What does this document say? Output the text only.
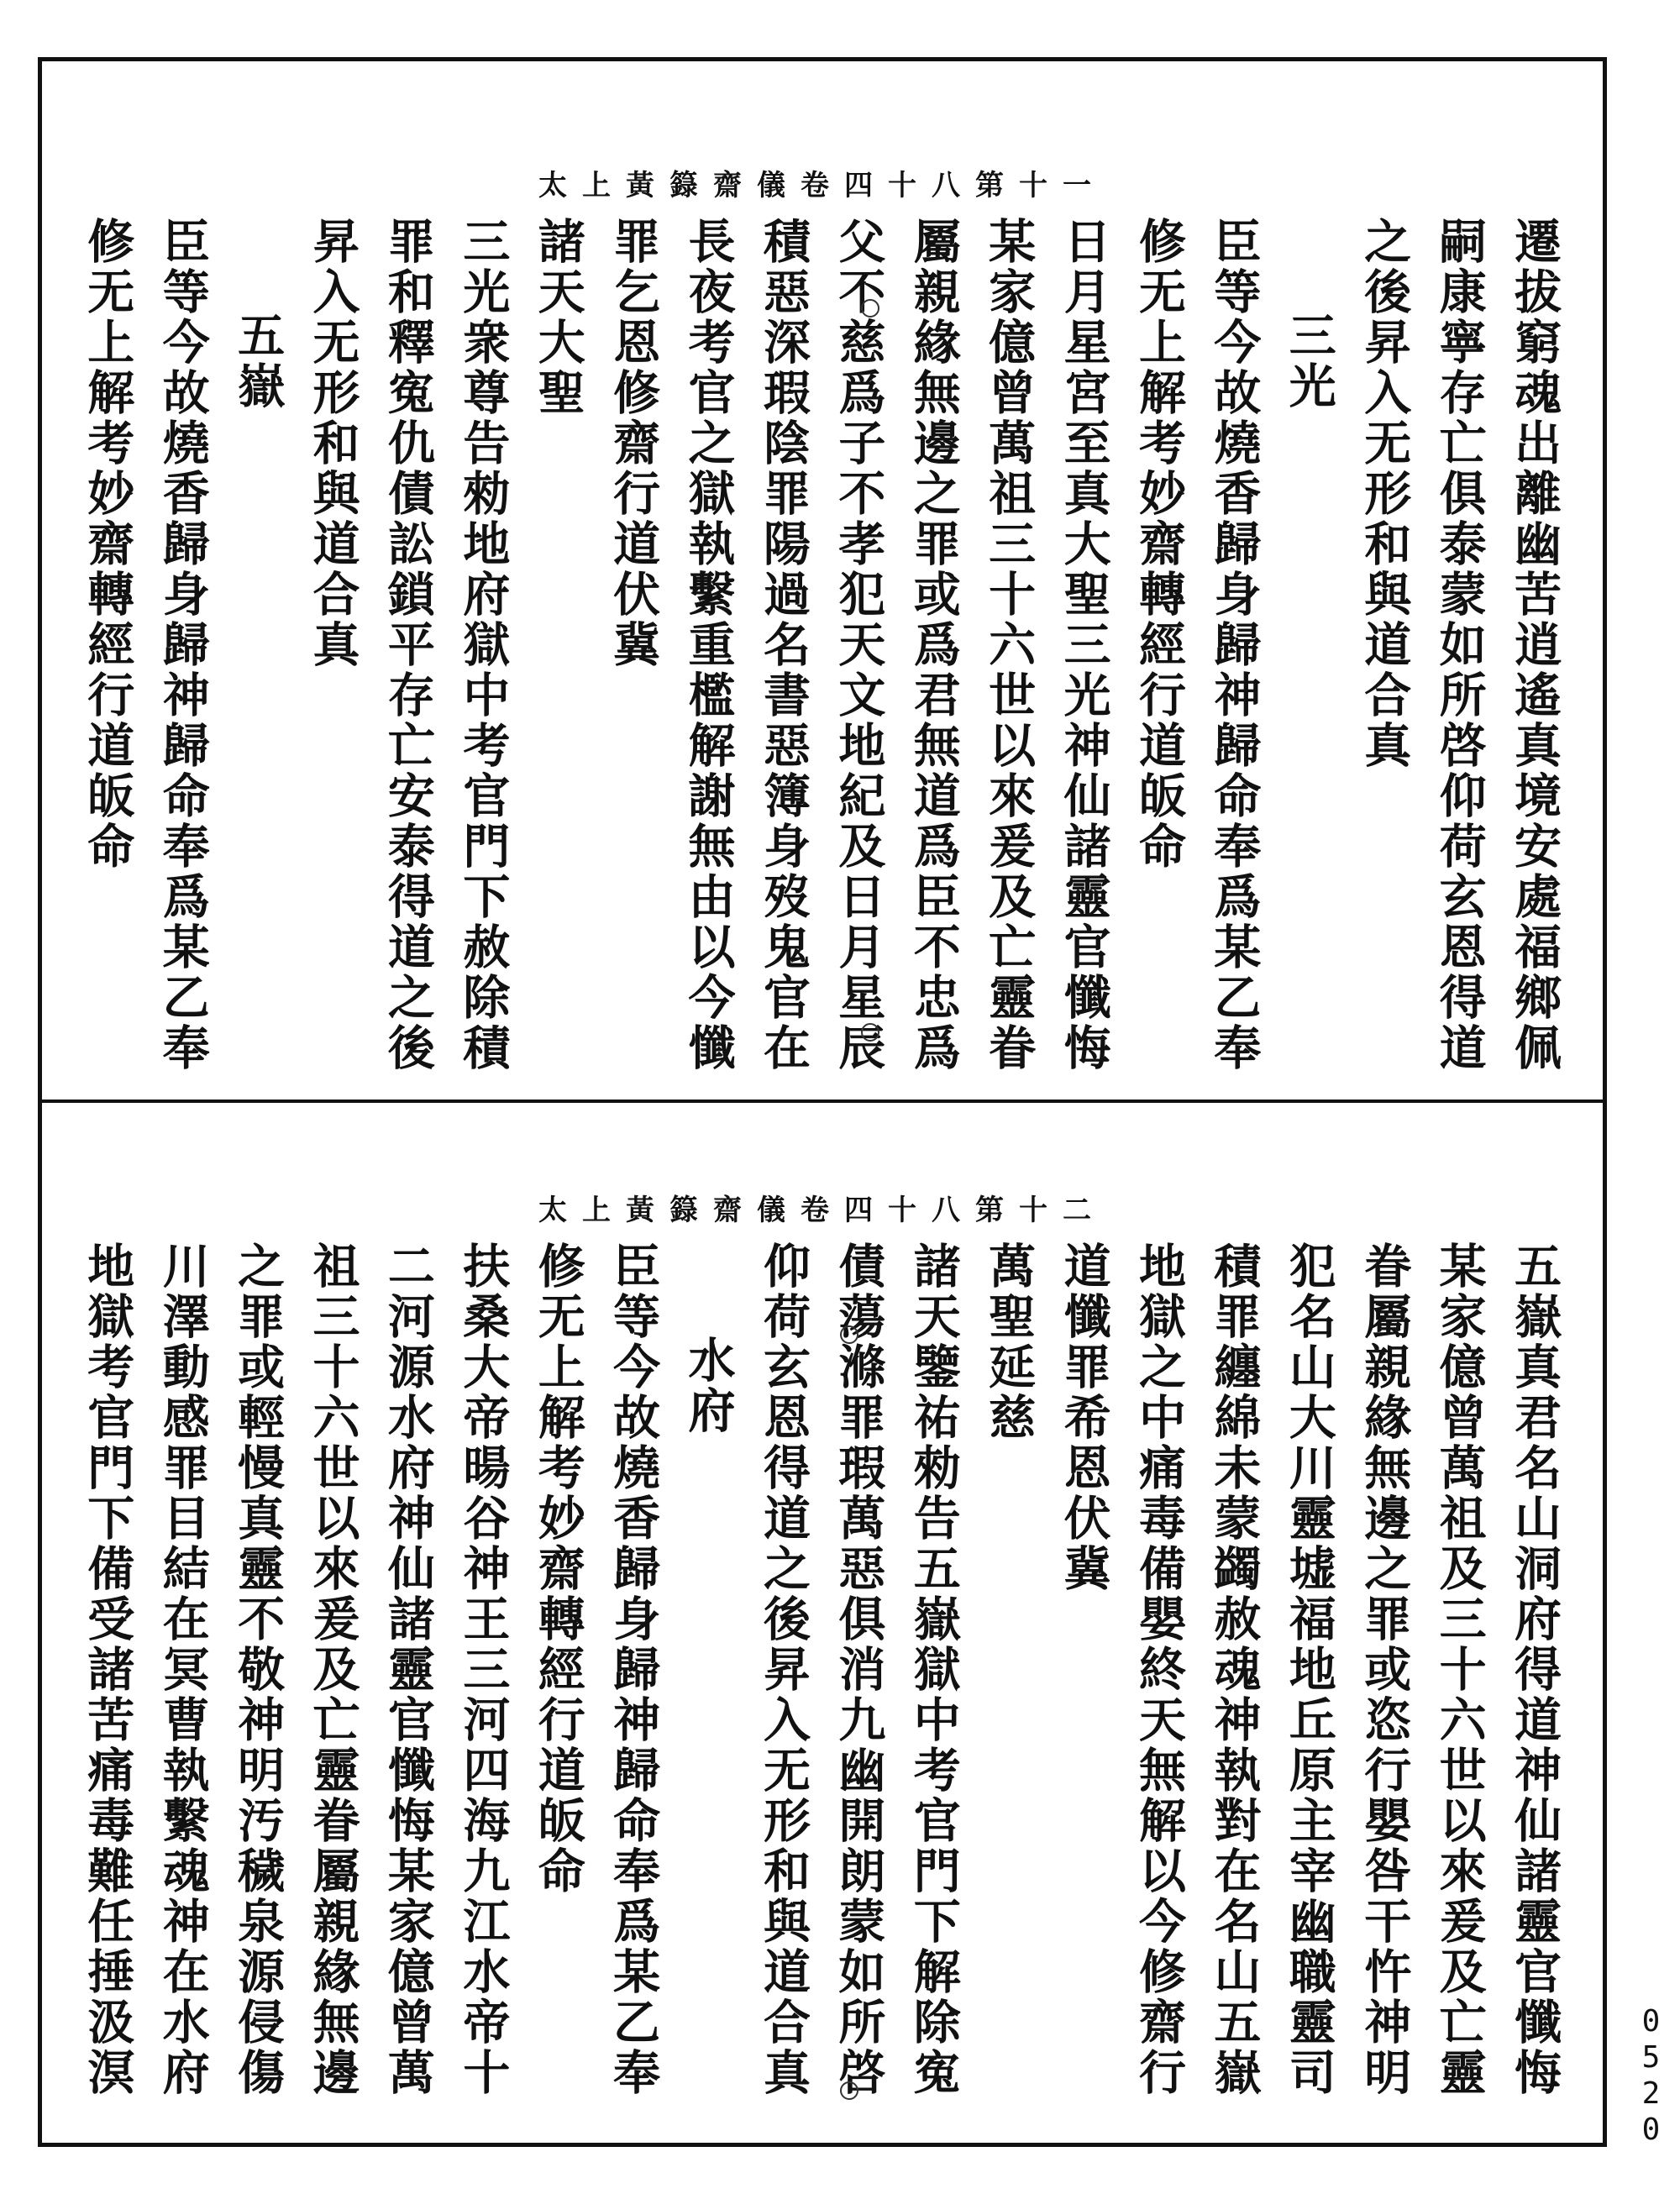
太上黃籙齋儀卷四十八第十一
遷拔窮魂出離幽苦逍遙真境安處福鄉佩
嗣康寧存亡俱泰蒙如所啓仰荷玄恩得道
之後昇入无形和與道合真
三光
臣等今故燒香歸身歸神歸命奉爲某乙奉
修无上解考妙齋轉經行道皈命
日月星宮至真大聖三光神仙諸靈官懺悔
某家億曾萬祖三十六世以來爰及亡靈眷
屬親緣無邊之罪或爲君無道爲臣不忠爲
父不慈爲子不孝犯天文地紀及日月星辰
積惡深瑕陰罪陽過名書惡簿身歿鬼官在
長夜考官之獄執繫重檻解謝無由以今懺
罪乞恩修齋行道伏冀
諸天大聖
三光衆尊告勑地府獄中考官門下赦除積
罪和釋寃仇債訟鎖平存亡安泰得道之後
昇入无形和與道合真
五嶽
臣等今故燒香歸身歸神歸命奉爲某乙奉
修无上解考妙齋轉經行道皈命
太上黃籙齋儀卷四十八第十二
五嶽真君名山洞府得道神仙諸靈官懺悔
某家億曾萬祖及三十六世以來爰及亡靈
眷屬親緣無邊之罪或恣行嬰咎干忤神明
犯名山大川靈墟福地丘原主宰幽職靈司
積罪纏綿未蒙蠲赦魂神執對在名山五嶽
地獄之中痛毒備嬰終天無解以今修齋行
道懺罪希恩伏冀
萬聖延慈
諸天鑒祐勑告五嶽獄中考官門下解除寃
債蕩滌罪瑕萬惡俱消九幽開朗蒙如所啓
仰荷玄恩得道之後昇入无形和與道合真
水府
臣等今故燒香歸身歸神歸命奉爲某乙奉
修无上解考妙齋轉經行道皈命
扶桑大帝暘谷神王三河四海九江水帝十
二河源水府神仙諸靈官懺悔某家億曾萬
祖三十六世以來爰及亡靈眷屬親緣無邊
之罪或輕慢真靈不敬神明汚穢泉源侵傷
川澤動感罪目結在冥曹執繫魂神在水府
地獄考官門下備受諸苦痛毒難任捶汲溟	0520
